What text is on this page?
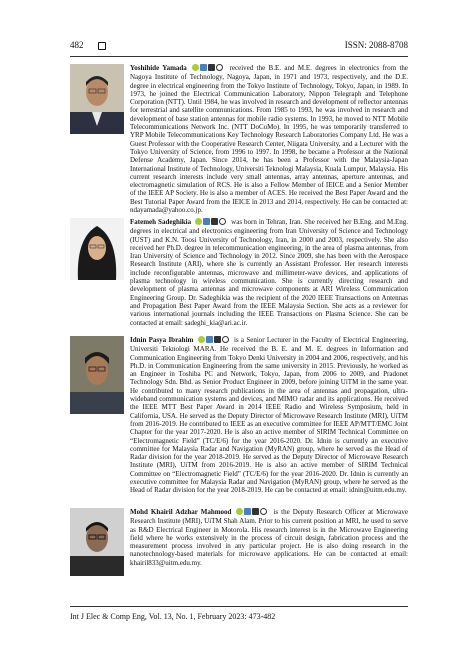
482	ISSN: 2088-8708
Yoshihide Yamada	received the B.E. and M.E. degrees in electronics from the Nagoya Institute of Technology, Nagoya, Japan, in 1971 and 1973, respectively, and the D.E. degree in electrical engineering from the Tokyo Institute of Technology, Tokyo, Japan, in 1989. In 1973, he joined the Electrical Communication Laboratory, Nippon Telegraph and Telephone Corporation (NTT). Until 1984, he was involved in research and development of reflector antennas for terrestrial and satellite communications. From 1985 to 1993, he was involved in research and development of base station antennas for mobile radio systems. In 1993, he moved to NTT Mobile Telecommunications Network Inc. (NTT DoCoMo). In 1995, he was temporarily transferred to YRP Mobile Telecommunications Key Technology Research Laboratories Company Ltd. He was a Guest Professor with the Cooperative Research Center, Niigata University, and a Lecturer with the Tokyo University of Science, from 1996 to 1997. In 1998, he became a Professor at the National Defense Academy, Japan. Since 2014, he has been a Professor with the Malaysia-Japan International Institute of Technology, Universiti Teknologi Malaysia, Kuala Lumpur, Malaysia. His current research interests include very small antennas, array antennas, aperture antennas, and electromagnetic simulation of RCS. He is also a Fellow Member of IEICE and a Senior Member of the IEEE AP Society. He is also a member of ACES. He received the Best Paper Award and the Best Tutorial Paper Award from the IEICE in 2013 and 2014, respectively. He can be contacted at: ndayamada@yahoo.co.jp.
Fatemeh Sadeghikia	was born in Tehran, Iran. She received her B.Eng. and M.Eng. degrees in electrical and electronics engineering from Iran University of Science and Technology (IUST) and K.N. Toosi University of Technology, Iran, in 2000 and 2003, respectively. She also received her Ph.D. degree in telecommunication engineering, in the area of plasma antennas, from Iran University of Science and Technology in 2012. Since 2009, she has been with the Aerospace Research Institute (ARI), where she is currently an Assistant Professor. Her research interests include reconfigurable antennas, microwave and millimeter-wave devices, and applications of plasma technology in wireless communication. She is currently directing research and development of plasma antennas and microwave components at ARI Wireless Communication Engineering Group. Dr. Sadeghikia was the recipient of the 2020 IEEE Transactions on Antennas and Propagation Best Paper Award from the IEEE Malaysia Section. She acts as a reviewer for various international journals including the IEEE Transactions on Plasma Science. She can be contacted at email: sadeghi_kia@ari.ac.ir.
Idnin Pasya Ibrahim	is a Senior Lecturer in the Faculty of Electrical Engineering, Universiti Teknologi MARA. He received the B. E. and M. E. degrees in Information and Communication Engineering from Tokyo Denki University in 2004 and 2006, respectively, and his Ph.D. in Communication Engineering from the same university in 2015. Previously, he worked as an Engineer in Toshiba PC and Network, Tokyo, Japan, from 2006 to 2009, and Pradonet Technology Sdn. Bhd. as Senior Product Engineer in 2009, before joining UiTM in the same year. He contributed to many research publications in the area of antennas and propagation, ultra-wideband communication systems and devices, and MIMO radar and its applications. He received the IEEE MTT Best Paper Award in 2014 IEEE Radio and Wireless Symposium, held in California, USA. He served as the Deputy Director of Microwave Research Institute (MRI), UiTM from 2016-2019. He contributed to IEEE as an executive committee for IEEE AP/MTT/EMC Joint Chapter for the year 2017-2020. He is also an active member of SIRIM Technical Committee on “Electromagnetic Field” (TC/E/6) for the year 2016-2020. Dr. Idnin is currently an executive committee for Malaysia Radar and Navigation (MyRAN) group, where he served as the Head of Radar division for the year 2018-2019. He served as the Deputy Director of Microwave Research Institute (MRI), UiTM from 2016-2019. He is also an active member of SIRIM Technical Committee on “Electromagnetic Field” (TC/E/6) for the year 2016-2020. Dr. Idnin is currently an executive committee for Malaysia Radar and Navigation (MyRAN) group, where he served as the Head of Radar division for the year 2018-2019. He can be contacted at email: idnin@uitm.edu.my.
Mohd Khairil Adzhar Mahmood	is the Deputy Research Officer at Microwave Research Institute (MRI), UiTM Shah Alam. Prior to his current position at MRI, he used to serve as R&D Electrical Engineer in Motorola. His research interest is in the Microwave Engineering field where he works extensively in the process of circuit design, fabrication process and the measurement process involved in any particular project. He is also doing research in the nanotechnology-based materials for microwave applications. He can be contacted at email: khairil833@uitm.edu.my.
Int J Elec & Comp Eng, Vol. 13, No. 1, February 2023: 473-482
